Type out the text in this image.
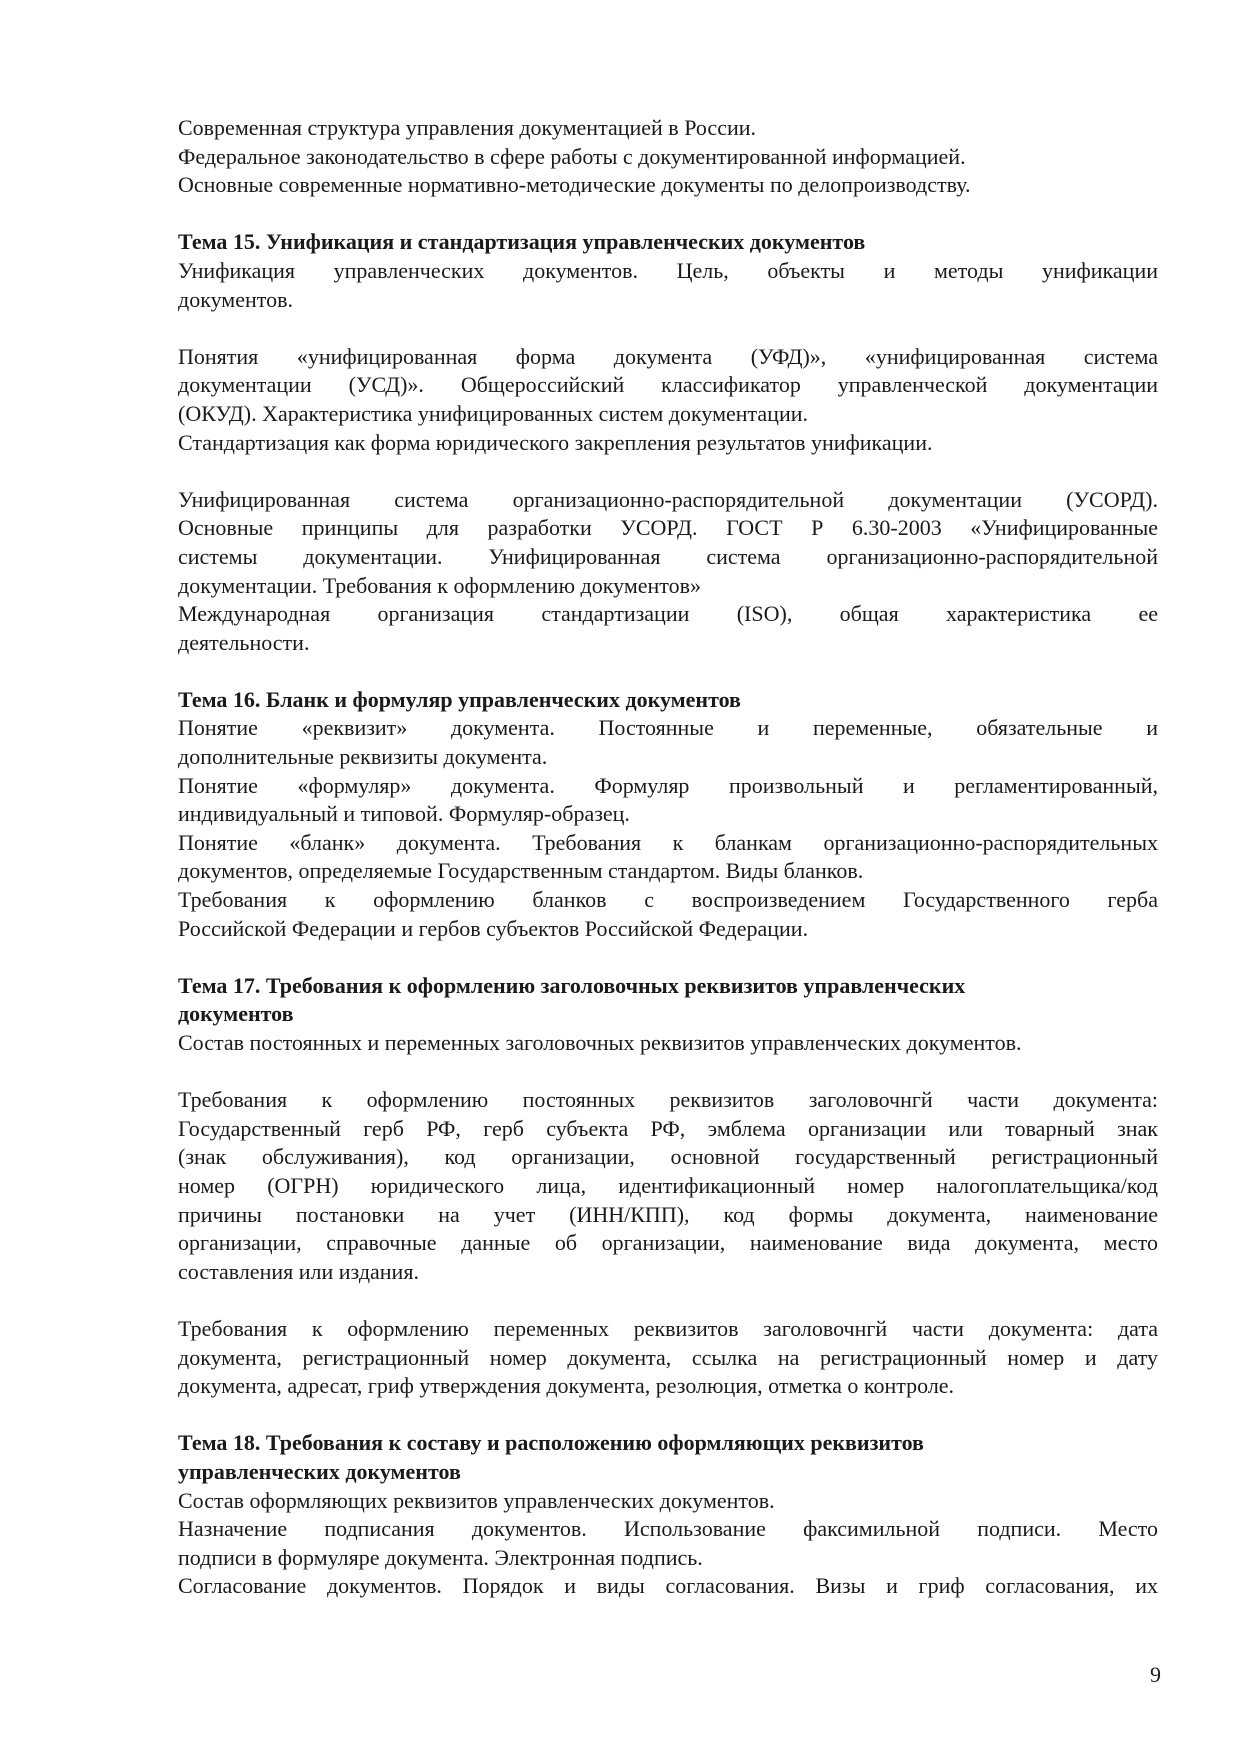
Современная структура управления документацией в России.

Федеральное законодательство в сфере работы с документированной информацией.

Основные современные нормативно-методические документы по делопроизводству.

Тема 15. Унификация и стандартизация управленческих документов

Унификация управленческих документов. Цель, объекты и методы унификации

документов.

Понятия «унифицированная форма документа (УФД)», «унифицированная система

документации (УСД)». Общероссийский классификатор управленческой документации

(ОКУД). Характеристика унифицированных систем документации.

Стандартизация как форма юридического закрепления результатов унификации.

Унифицированная система организационно-распорядительной документации (УСОРД).

Основные принципы для разработки УСОРД. ГОСТ Р 6.30-2003 «Унифицированные

системы документации. Унифицированная система организационно-распорядительной

документации. Требования к оформлению документов»

Международная организация стандартизации (ISO), общая характеристика ее

деятельности.

Тема 16. Бланк и формуляр управленческих документов

Понятие «реквизит» документа. Постоянные и переменные, обязательные и

дополнительные реквизиты документа.

Понятие «формуляр» документа. Формуляр произвольный и регламентированный,

индивидуальный и типовой. Формуляр-образец.

Понятие «бланк» документа. Требования к бланкам организационно-распорядительных

документов, определяемые Государственным стандартом. Виды бланков.

Требования к оформлению бланков с воспроизведением Государственного герба

Российской Федерации и гербов субъектов Российской Федерации.

Тема 17. Требования к оформлению заголовочных реквизитов управленческих

документов

Состав постоянных и переменных заголовочных реквизитов управленческих документов.

Требования к оформлению постоянных реквизитов заголовочнгй части документа:

Государственный герб РФ, герб субъекта РФ, эмблема организации или товарный знак

(знак обслуживания), код организации, основной государственный регистрационный

номер (ОГРН) юридического лица, идентификационный номер налогоплательщика/код

причины постановки на учет (ИНН/КПП), код формы документа, наименование

организации, справочные данные об организации, наименование вида документа, место

составления или издания.

Требования к оформлению переменных реквизитов заголовочнгй части документа: дата

документа, регистрационный номер документа, ссылка на регистрационный номер и дату

документа, адресат, гриф утверждения документа, резолюция, отметка о контроле.

Тема 18. Требования к составу и расположению оформляющих реквизитов

управленческих документов

Состав оформляющих реквизитов управленческих документов.

Назначение подписания документов. Использование факсимильной подписи. Место

подписи в формуляре документа. Электронная подпись.

Согласование документов. Порядок и виды согласования. Визы и гриф согласования, их

9
